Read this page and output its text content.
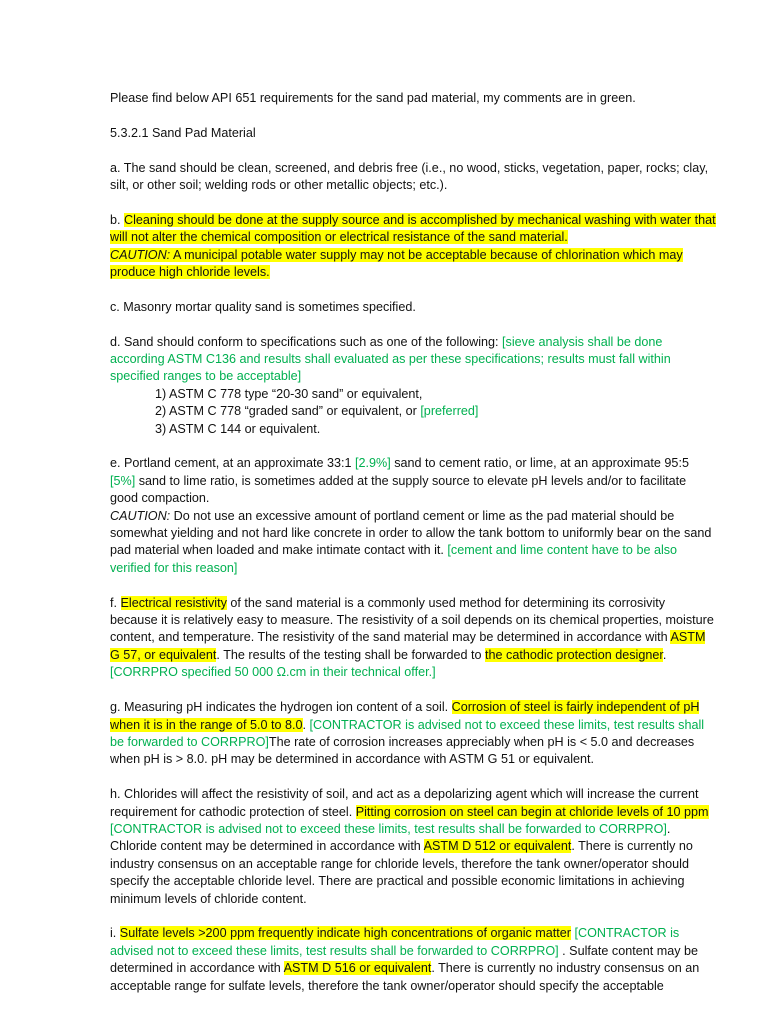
Please find below API 651 requirements for the sand pad material, my comments are in green.

5.3.2.1 Sand Pad Material

a. The sand should be clean, screened, and debris free (i.e., no wood, sticks, vegetation, paper, rocks; clay, silt, or other soil; welding rods or other metallic objects; etc.).

b. Cleaning should be done at the supply source and is accomplished by mechanical washing with water that will not alter the chemical composition or electrical resistance of the sand material.

CAUTION: A municipal potable water supply may not be acceptable because of chlorination which may produce high chloride levels.

c. Masonry mortar quality sand is sometimes specified.

d. Sand should conform to specifications such as one of the following: [sieve analysis shall be done according ASTM C136 and results shall evaluated as per these specifications; results must fall within specified ranges to be acceptable]

1) ASTM C 778 type “20-30 sand” or equivalent,

2) ASTM C 778 “graded sand” or equivalent, or [preferred]

3) ASTM C 144 or equivalent.

e. Portland cement, at an approximate 33:1 [2.9%] sand to cement ratio, or lime, at an approximate 95:5 [5%] sand to lime ratio, is sometimes added at the supply source to elevate pH levels and/or to facilitate good compaction.

CAUTION: Do not use an excessive amount of portland cement or lime as the pad material should be somewhat yielding and not hard like concrete in order to allow the tank bottom to uniformly bear on the sand pad material when loaded and make intimate contact with it. [cement and lime content have to be also verified for this reason]

f. Electrical resistivity of the sand material is a commonly used method for determining its corrosivity because it is relatively easy to measure. The resistivity of a soil depends on its chemical properties, moisture content, and temperature. The resistivity of the sand material may be determined in accordance with ASTM G 57, or equivalent. The results of the testing shall be forwarded to the cathodic protection designer. [CORRPRO specified 50 000 Ω.cm in their technical offer.]

g. Measuring pH indicates the hydrogen ion content of a soil. Corrosion of steel is fairly independent of pH when it is in the range of 5.0 to 8.0. [CONTRACTOR is advised not to exceed these limits, test results shall be forwarded to CORRPRO]The rate of corrosion increases appreciably when pH is < 5.0 and decreases when pH is > 8.0. pH may be determined in accordance with ASTM G 51 or equivalent.

h. Chlorides will affect the resistivity of soil, and act as a depolarizing agent which will increase the current requirement for cathodic protection of steel. Pitting corrosion on steel can begin at chloride levels of 10 ppm [CONTRACTOR is advised not to exceed these limits, test results shall be forwarded to CORRPRO]. Chloride content may be determined in accordance with ASTM D 512 or equivalent. There is currently no industry consensus on an acceptable range for chloride levels, therefore the tank owner/operator should specify the acceptable chloride level. There are practical and possible economic limitations in achieving minimum levels of chloride content.

i. Sulfate levels >200 ppm frequently indicate high concentrations of organic matter [CONTRACTOR is advised not to exceed these limits, test results shall be forwarded to CORRPRO] . Sulfate content may be determined in accordance with ASTM D 516 or equivalent. There is currently no industry consensus on an acceptable range for sulfate levels, therefore the tank owner/operator should specify the acceptable
